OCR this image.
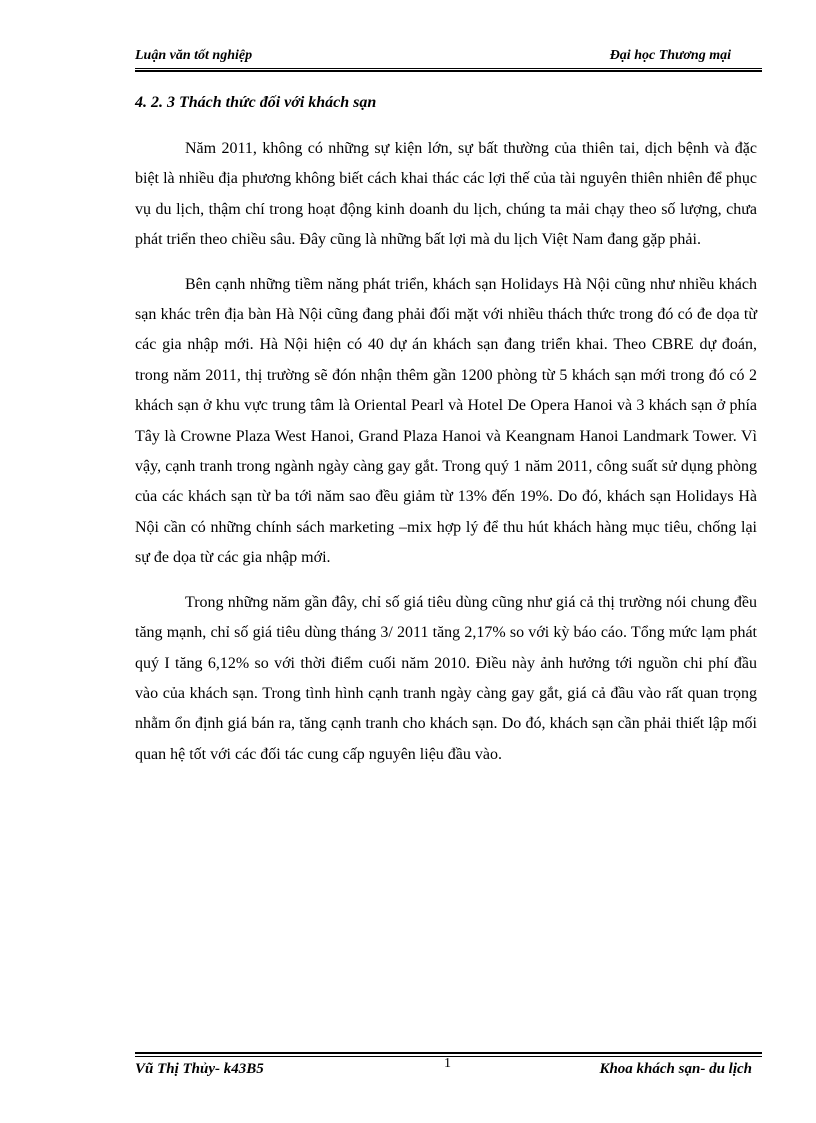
Luận văn tốt nghiệp	Đại học Thương mại
4. 2. 3 Thách thức đối với khách sạn

Năm 2011, không có những sự kiện lớn, sự bất thường của thiên tai, dịch bệnh và đặc biệt là nhiều địa phương không biết cách khai thác các lợi thế của tài nguyên thiên nhiên để phục vụ du lịch, thậm chí trong hoạt động kinh doanh du lịch, chúng ta mải chạy theo số lượng, chưa phát triển theo chiều sâu. Đây cũng là những bất lợi mà du lịch Việt Nam đang gặp phải.

Bên cạnh những tiềm năng phát triển, khách sạn Holidays Hà Nội cũng như nhiều khách sạn khác trên địa bàn Hà Nội cũng đang phải đối mặt với nhiều thách thức trong đó có đe dọa từ các gia nhập mới. Hà Nội hiện có 40 dự án khách sạn đang triển khai. Theo CBRE dự đoán, trong năm 2011, thị trường sẽ đón nhận thêm gần 1200 phòng từ 5 khách sạn mới trong đó có 2 khách sạn ở khu vực trung tâm là Oriental Pearl và Hotel De Opera Hanoi và 3 khách sạn ở phía Tây là Crowne Plaza West Hanoi, Grand Plaza Hanoi và Keangnam Hanoi Landmark Tower. Vì vậy, cạnh tranh trong ngành ngày càng gay gắt. Trong quý 1 năm 2011, công suất sử dụng phòng của các khách sạn từ ba tới năm sao đều giảm từ 13% đến 19%. Do đó, khách sạn Holidays Hà Nội cần có những chính sách marketing –mix hợp lý để thu hút khách hàng mục tiêu, chống lại sự đe dọa từ các gia nhập mới.

Trong những năm gần đây, chỉ số giá tiêu dùng cũng như giá cả thị trường nói chung đều tăng mạnh, chỉ số giá tiêu dùng tháng 3/ 2011 tăng 2,17% so với kỳ báo cáo. Tổng mức lạm phát quý I tăng 6,12% so với thời điểm cuối năm 2010. Điều này ảnh hưởng tới nguồn chi phí đầu vào của khách sạn. Trong tình hình cạnh tranh ngày càng gay gắt, giá cả đầu vào rất quan trọng nhằm ổn định giá bán ra, tăng cạnh tranh cho khách sạn. Do đó, khách sạn cần phải thiết lập mối quan hệ tốt với các đối tác cung cấp nguyên liệu đầu vào.

Vũ Thị Thủy- k43B5	1	Khoa khách sạn- du lịch
